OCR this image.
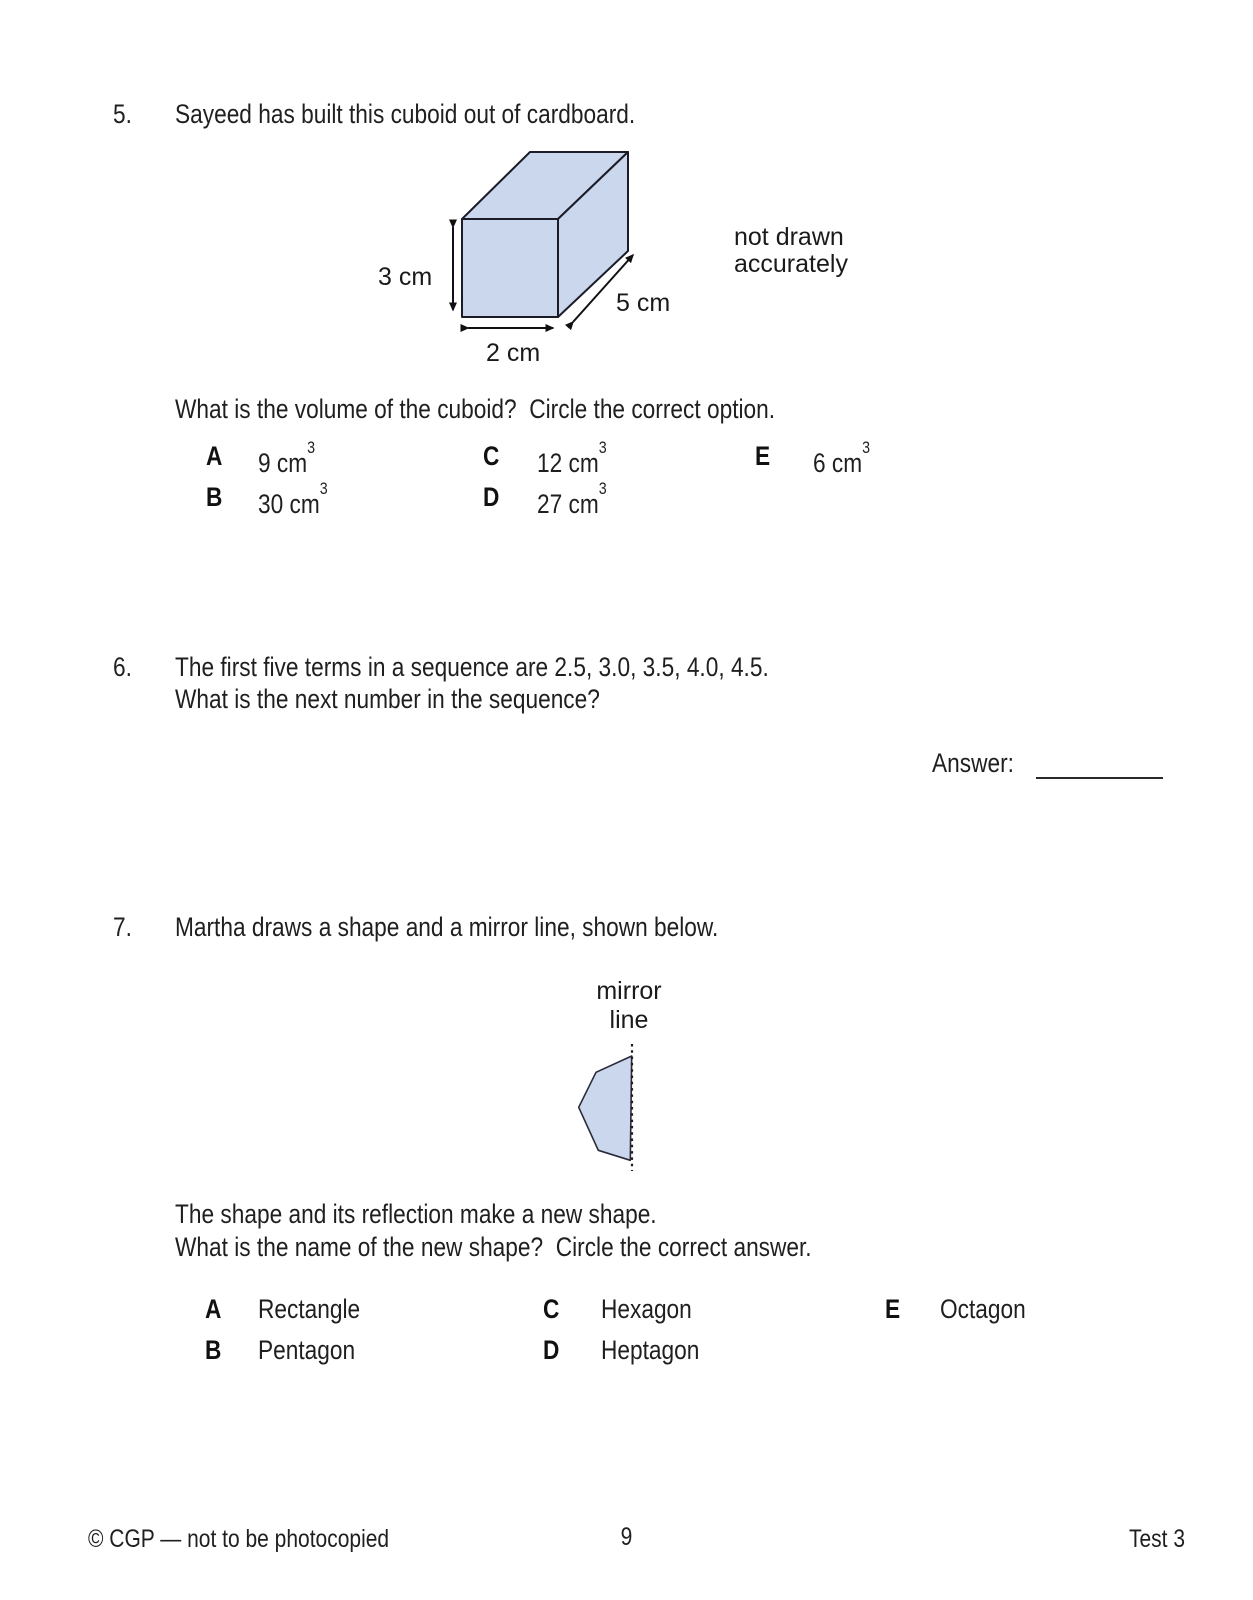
5. Sayeed has built this cuboid out of cardboard.
3 cm
2 cm
5 cm
not drawn
accurately
What is the volume of the cuboid?  Circle the correct option.
A 9 $cm^3$
B 30 $cm^3$
C 12 $cm^3$
D 27 $cm^3$
E 6 $cm^3$
6. The first five terms in a sequence are 2.5, 3.0, 3.5, 4.0, 4.5.
What is the next number in the sequence?
Answer:
7. Martha draws a shape and a mirror line, shown below.
mirror
line
The shape and its reflection make a new shape.
What is the name of the new shape?  Circle the correct answer.
A Rectangle
B Pentagon
C Hexagon
D Heptagon
E Octagon
© CGP — not to be photocopied	9	Test 3
